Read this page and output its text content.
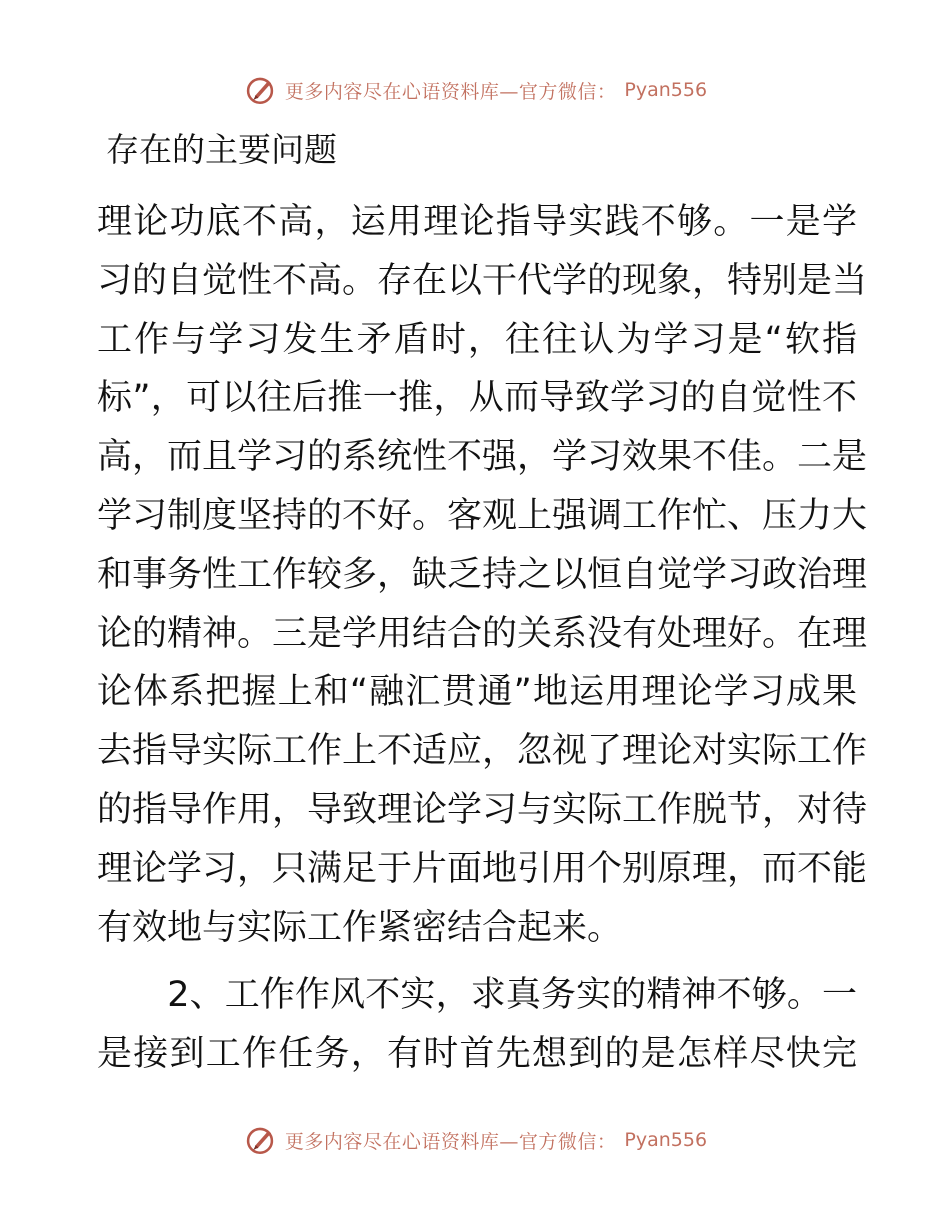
更多内容尽在心语资料库—官方微信： Pyan556
存在的主要问题
理论功底不高，运用理论指导实践不够。一是学
习的自觉性不高。存在以干代学的现象，特别是当
工作与学习发生矛盾时，往往认为学习是“软指
标”，可以往后推一推，从而导致学习的自觉性不
高，而且学习的系统性不强，学习效果不佳。二是
学习制度坚持的不好。客观上强调工作忙、压力大
和事务性工作较多，缺乏持之以恒自觉学习政治理
论的精神。三是学用结合的关系没有处理好。在理
论体系把握上和“融汇贯通”地运用理论学习成果
去指导实际工作上不适应，忽视了理论对实际工作
的指导作用，导致理论学习与实际工作脱节，对待
理论学习，只满足于片面地引用个别原理，而不能
有效地与实际工作紧密结合起来。
　　2、工作作风不实，求真务实的精神不够。一
是接到工作任务，有时首先想到的是怎样尽快完
更多内容尽在心语资料库—官方微信： Pyan556
